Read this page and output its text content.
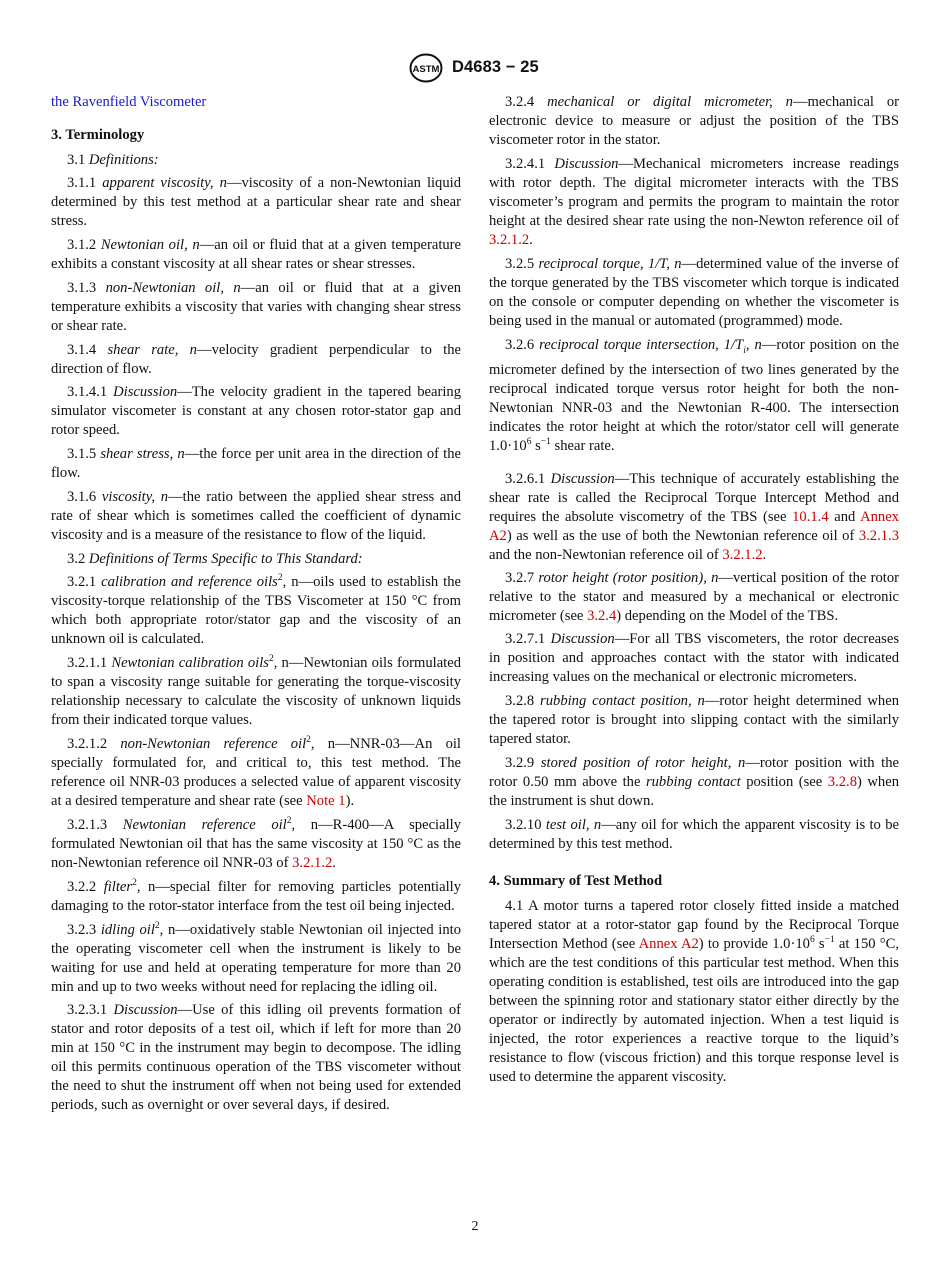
ASTM D4683 − 25

the Ravenfield Viscometer

3. Terminology

3.1 Definitions:

3.1.1 apparent viscosity, n—viscosity of a non-Newtonian liquid determined by this test method at a particular shear rate and shear stress.

3.1.2 Newtonian oil, n—an oil or fluid that at a given temperature exhibits a constant viscosity at all shear rates or shear stresses.

3.1.3 non-Newtonian oil, n—an oil or fluid that at a given temperature exhibits a viscosity that varies with changing shear stress or shear rate.

3.1.4 shear rate, n—velocity gradient perpendicular to the direction of flow.

3.1.4.1 Discussion—The velocity gradient in the tapered bearing simulator viscometer is constant at any chosen rotor-stator gap and rotor speed.

3.1.5 shear stress, n—the force per unit area in the direction of the flow.

3.1.6 viscosity, n—the ratio between the applied shear stress and rate of shear which is sometimes called the coefficient of dynamic viscosity and is a measure of the resistance to flow of the liquid.

3.2 Definitions of Terms Specific to This Standard:

3.2.1 calibration and reference oils$^2$, n—oils used to establish the viscosity-torque relationship of the TBS Viscometer at 150 °C from which both appropriate rotor/stator gap and the viscosity of an unknown oil is calculated.

3.2.1.1 Newtonian calibration oils$^2$, n—Newtonian oils formulated to span a viscosity range suitable for generating the torque-viscosity relationship necessary to calculate the viscosity of unknown liquids from their indicated torque values.

3.2.1.2 non-Newtonian reference oil$^2$, n—NNR-03—An oil specially formulated for, and critical to, this test method. The reference oil NNR-03 produces a selected value of apparent viscosity at a desired temperature and shear rate (see Note 1).

3.2.1.3 Newtonian reference oil$^2$, n—R-400—A specially formulated Newtonian oil that has the same viscosity at 150 °C as the non-Newtonian reference oil NNR-03 of 3.2.1.2.

3.2.2 filter$^2$, n—special filter for removing particles potentially damaging to the rotor-stator interface from the test oil being injected.

3.2.3 idling oil$^2$, n—oxidatively stable Newtonian oil injected into the operating viscometer cell when the instrument is likely to be waiting for use and held at operating temperature for more than 20 min and up to two weeks without need for replacing the idling oil.

3.2.3.1 Discussion—Use of this idling oil prevents formation of stator and rotor deposits of a test oil, which if left for more than 20 min at 150 °C in the instrument may begin to decompose. The idling oil this permits continuous operation of the TBS viscometer without the need to shut the instrument off when not being used for extended periods, such as overnight or over several days, if desired.

3.2.4 mechanical or digital micrometer, n—mechanical or electronic device to measure or adjust the position of the TBS viscometer rotor in the stator.

3.2.4.1 Discussion—Mechanical micrometers increase readings with rotor depth. The digital micrometer interacts with the TBS viscometer’s program and permits the program to maintain the rotor height at the desired shear rate using the non-Newton reference oil of 3.2.1.2.

3.2.5 reciprocal torque, 1/T, n—determined value of the inverse of the torque generated by the TBS viscometer which torque is indicated on the console or computer depending on whether the viscometer is being used in the manual or automated (programmed) mode.

3.2.6 reciprocal torque intersection, $1/T_i$, n—rotor position on the micrometer defined by the intersection of two lines generated by the reciprocal indicated torque versus rotor height for both the non-Newtonian NNR-03 and the Newtonian R-400. The intersection indicates the rotor height at which the rotor/stator cell will generate $1.0\cdot 10^6$ $s^{-1}$ shear rate.

3.2.6.1 Discussion—This technique of accurately establishing the shear rate is called the Reciprocal Torque Intercept Method and requires the absolute viscometry of the TBS (see 10.1.4 and Annex A2) as well as the use of both the Newtonian reference oil of 3.2.1.3 and the non-Newtonian reference oil of 3.2.1.2.

3.2.7 rotor height (rotor position), n—vertical position of the rotor relative to the stator and measured by a mechanical or electronic micrometer (see 3.2.4) depending on the Model of the TBS.

3.2.7.1 Discussion—For all TBS viscometers, the rotor decreases in position and approaches contact with the stator with indicated increasing values on the mechanical or electronic micrometers.

3.2.8 rubbing contact position, n—rotor height determined when the tapered rotor is brought into slipping contact with the similarly tapered stator.

3.2.9 stored position of rotor height, n—rotor position with the rotor 0.50 mm above the rubbing contact position (see 3.2.8) when the instrument is shut down.

3.2.10 test oil, n—any oil for which the apparent viscosity is to be determined by this test method.

4. Summary of Test Method

4.1 A motor turns a tapered rotor closely fitted inside a matched tapered stator at a rotor-stator gap found by the Reciprocal Torque Intersection Method (see Annex A2) to provide $1.0\cdot 10^6$ $s^{-1}$ at 150 °C, which are the test conditions of this particular test method. When this operating condition is established, test oils are introduced into the gap between the spinning rotor and stationary stator either directly by the operator or indirectly by automated injection. When a test liquid is injected, the rotor experiences a reactive torque to the liquid’s resistance to flow (viscous friction) and this torque response level is used to determine the apparent viscosity.

2
